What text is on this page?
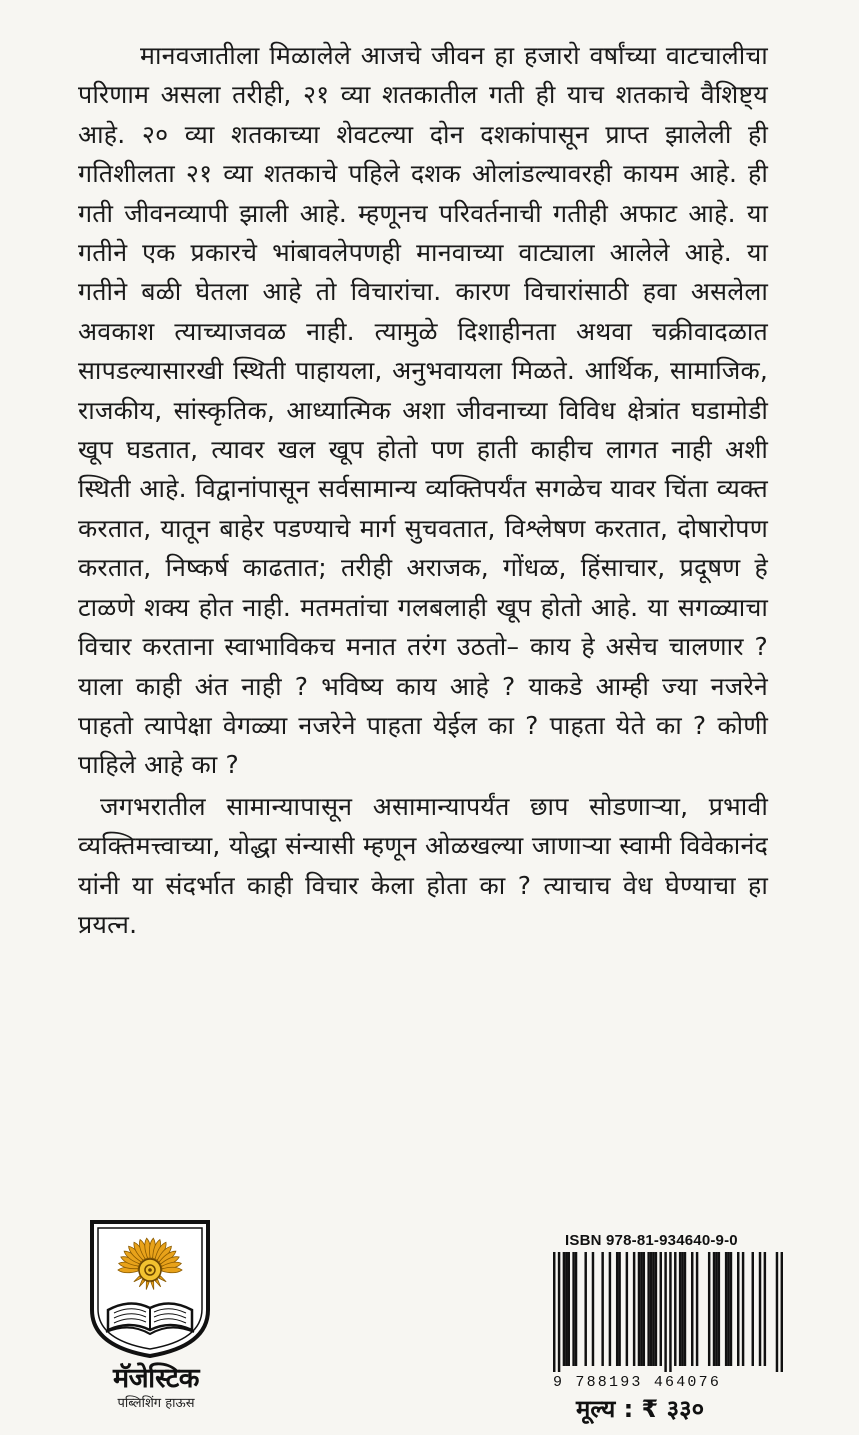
मानवजातीला मिळालेले आजचे जीवन हा हजारो वर्षांच्या वाटचालीचा परिणाम असला तरीही, २१ व्या शतकातील गती ही याच शतकाचे वैशिष्ट्य आहे. २० व्या शतकाच्या शेवटल्या दोन दशकांपासून प्राप्त झालेली ही गतिशीलता २१ व्या शतकाचे पहिले दशक ओलांडल्यावरही कायम आहे. ही गती जीवनव्यापी झाली आहे. म्हणूनच परिवर्तनाची गतीही अफाट आहे. या गतीने एक प्रकारचे भांबावलेपणही मानवाच्या वाट्याला आलेले आहे. या गतीने बळी घेतला आहे तो विचारांचा. कारण विचारांसाठी हवा असलेला अवकाश त्याच्याजवळ नाही. त्यामुळे दिशाहीनता अथवा चक्रीवादळात सापडल्यासारखी स्थिती पाहायला, अनुभवायला मिळते. आर्थिक, सामाजिक, राजकीय, सांस्कृतिक, आध्यात्मिक अशा जीवनाच्या विविध क्षेत्रांत घडामोडी खूप घडतात, त्यावर खल खूप होतो पण हाती काहीच लागत नाही अशी स्थिती आहे. विद्वानांपासून सर्वसामान्य व्यक्तिपर्यंत सगळेच यावर चिंता व्यक्त करतात, यातून बाहेर पडण्याचे मार्ग सुचवतात, विश्लेषण करतात, दोषारोपण करतात, निष्कर्ष काढतात; तरीही अराजक, गोंधळ, हिंसाचार, प्रदूषण हे टाळणे शक्य होत नाही. मतमतांचा गलबलाही खूप होतो आहे. या सगळ्याचा विचार करताना स्वाभाविकच मनात तरंग उठतो– काय हे असेच चालणार ? याला काही अंत नाही ? भविष्य काय आहे ? याकडे आम्ही ज्या नजरेने पाहतो त्यापेक्षा वेगळ्या नजरेने पाहता येईल का ? पाहता येते का ? कोणी पाहिले आहे का ?

जगभरातील सामान्यापासून असामान्यापर्यंत छाप सोडणाऱ्या, प्रभावी व्यक्तिमत्त्वाच्या, योद्धा संन्यासी म्हणून ओळखल्या जाणाऱ्या स्वामी विवेकानंद यांनी या संदर्भात काही विचार केला होता का ? त्याचाच वेध घेण्याचा हा प्रयत्न.

मॅजेस्टिक
पब्लिशिंग हाऊस
ISBN 978-81-934640-9-0
9 788193 464076
मूल्य : ₹ ३३०
